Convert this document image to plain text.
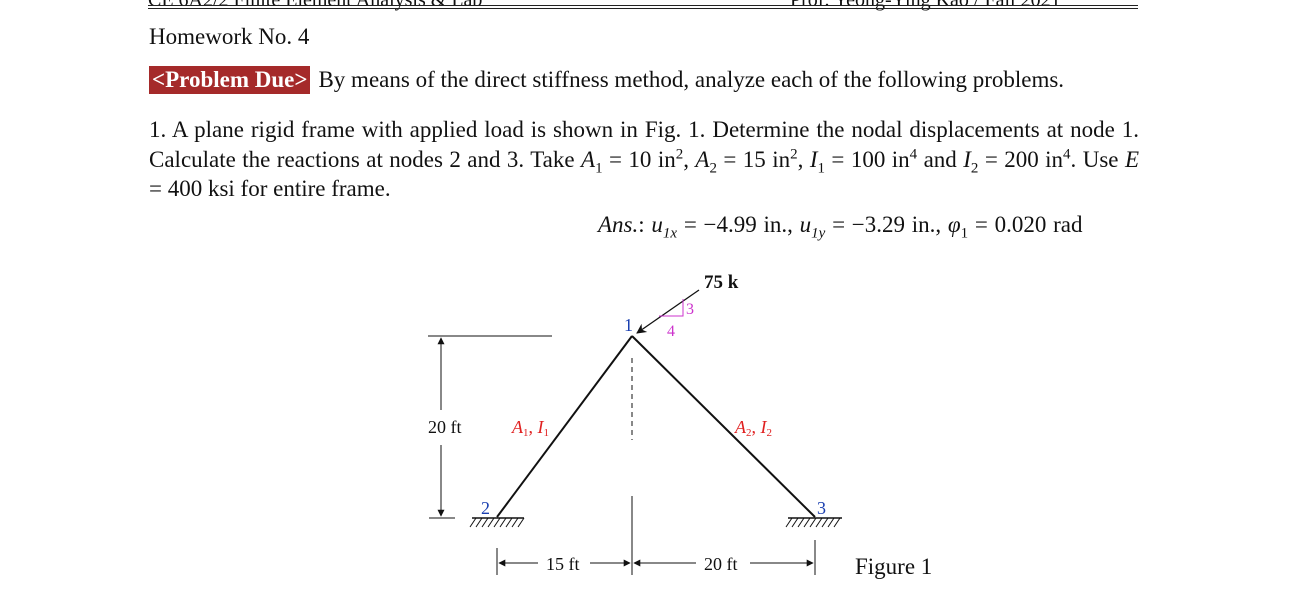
Homework No. 4
<Problem Due> By means of the direct stiffness method, analyze each of the following problems.
1. A plane rigid frame with applied load is shown in Fig. 1. Determine the nodal displacements at node 1. Calculate the reactions at nodes 2 and 3. Take $A_1 = 10$ $in^2$, $A_2 = 15$ $in^2$, $I_1 = 100$ $in^4$ and $I_2 = 200$ $in^4$. Use E = 400 ksi for entire frame.
Ans.: $u_{1x} = -4.99$ in., $u_{1y} = -3.29$ in., $\varphi_1 = 0.020$ rad
20 ft
75 k
3
4
1
2	3
A1, I1	A2, I2
15 ft	20 ft	Figure 1
